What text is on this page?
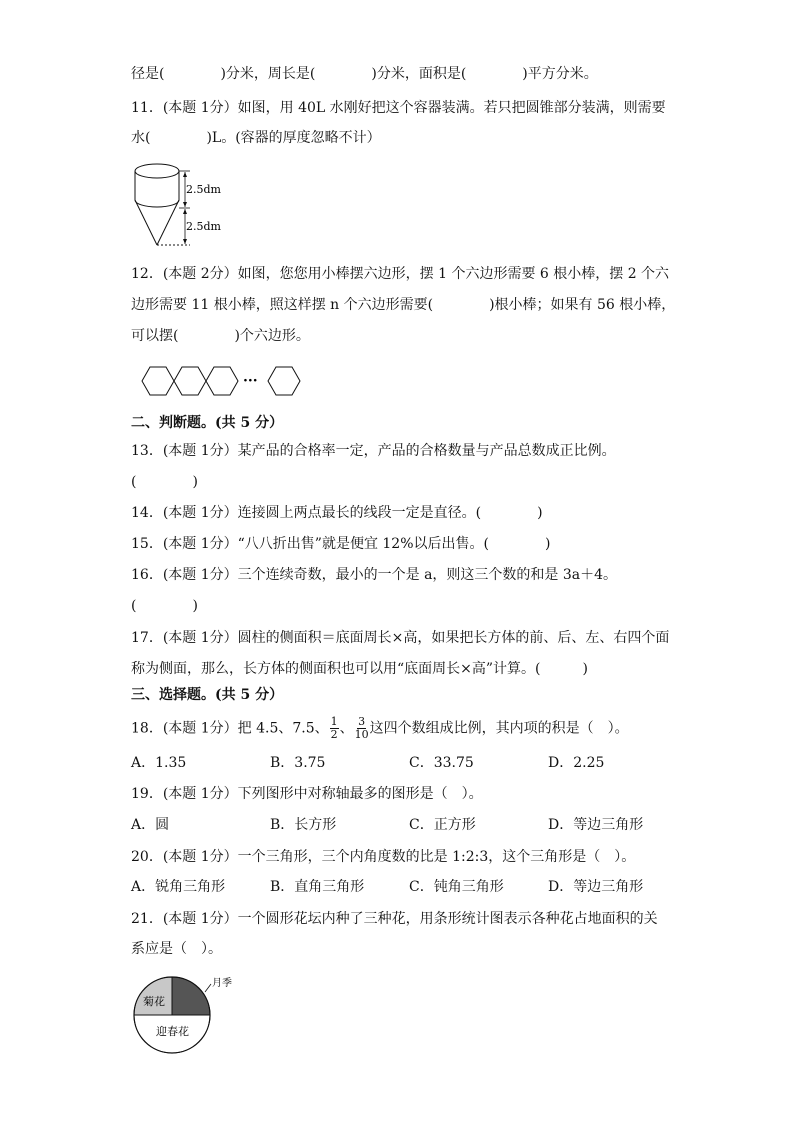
径是(　　　　)分米，周长是(　　　　)分米，面积是(　　　　)平方分米。
11．(本题 1分）如图，用 40L 水刚好把这个容器装满。若只把圆锥部分装满，则需要
水(　　　　)L。(容器的厚度忽略不计）
2.5dm
2.5dm
12．(本题 2分）如图，您您用小棒摆六边形，摆 1 个六边形需要 6 根小棒，摆 2 个六
边形需要 11 根小棒，照这样摆 n 个六边形需要(　　　　)根小棒；如果有 56 根小棒，
可以摆(　　　　)个六边形。
···
二、判断题。(共 5 分）
13．(本题 1分）某产品的合格率一定，产品的合格数量与产品总数成正比例。
(　　　　)
14．(本题 1分）连接圆上两点最长的线段一定是直径。(　　　　)
15．(本题 1分）“八八折出售”就是便宜 12%以后出售。(　　　　)
16．(本题 1分）三个连续奇数，最小的一个是 a，则这三个数的和是 3a＋4。
(　　　　)
17．(本题 1分）圆柱的侧面积＝底面周长×高，如果把长方体的前、后、左、右四个面
称为侧面，那么，长方体的侧面积也可以用“底面周长×高”计算。(　　　)
三、选择题。(共 5 分）
18．(本题 1分）把 4.5、7.5、 $\frac{1}{2}$ 、 $\frac{3}{10}$ 这四个数组成比例，其内项的积是（　）。
A．1.35	B．3.75	C．33.75	D．2.25
19．(本题 1分）下列图形中对称轴最多的图形是（　）。
A．圆	B．长方形	C．正方形	D．等边三角形
20．(本题 1分）一个三角形，三个内角度数的比是 1:2:3，这个三角形是（　）。
A．锐角三角形	B．直角三角形	C．钝角三角形	D．等边三角形
21．(本题 1分）一个圆形花坛内种了三种花，用条形统计图表示各种花占地面积的关
系应是（　）。
菊花
月季
迎春花
